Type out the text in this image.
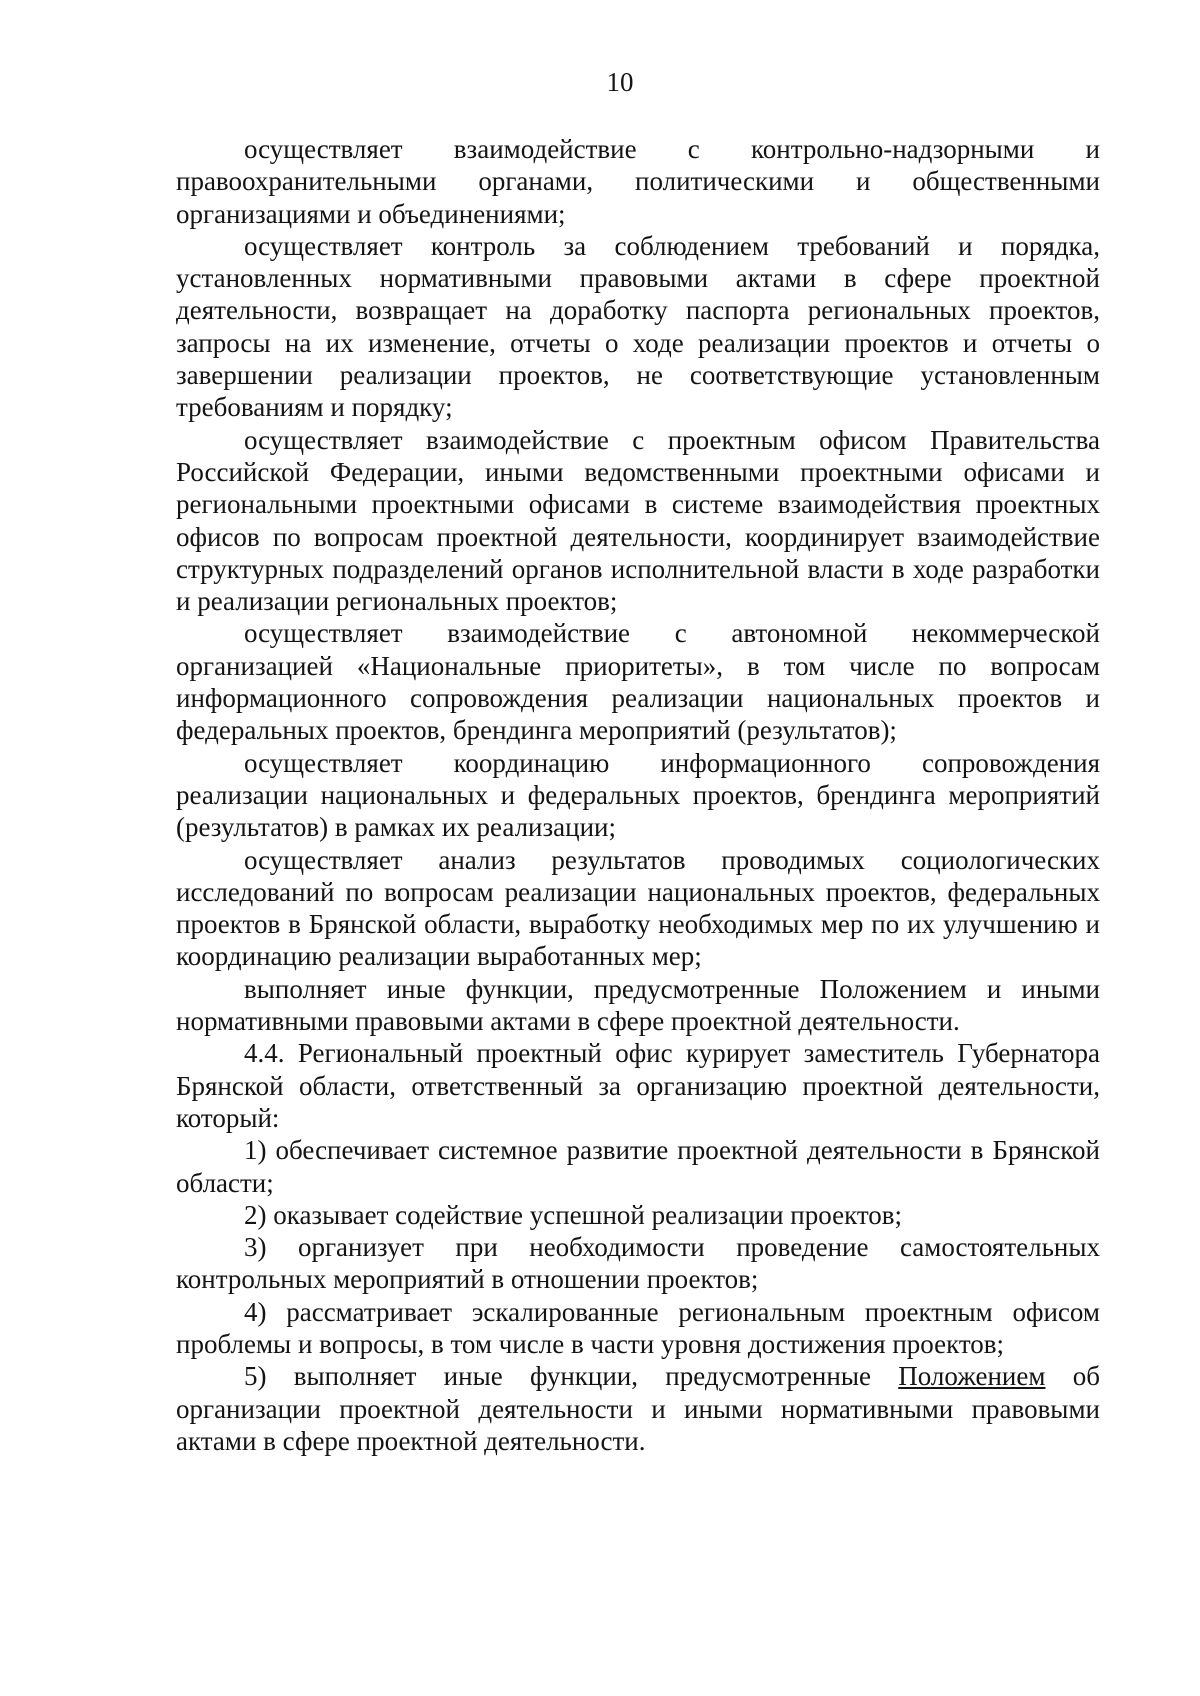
10

осуществляет взаимодействие с контрольно-надзорными и правоохранительными органами, политическими и общественными организациями и объединениями;

осуществляет контроль за соблюдением требований и порядка, установленных нормативными правовыми актами в сфере проектной деятельности, возвращает на доработку паспорта региональных проектов, запросы на их изменение, отчеты о ходе реализации проектов и отчеты о завершении реализации проектов, не соответствующие установленным требованиям и порядку;

осуществляет взаимодействие с проектным офисом Правительства Российской Федерации, иными ведомственными проектными офисами и региональными проектными офисами в системе взаимодействия проектных офисов по вопросам проектной деятельности, координирует взаимодействие структурных подразделений органов исполнительной власти в ходе разработки и реализации региональных проектов;

осуществляет взаимодействие с автономной некоммерческой организацией «Национальные приоритеты», в том числе по вопросам информационного сопровождения реализации национальных проектов и федеральных проектов, брендинга мероприятий (результатов);

осуществляет координацию информационного сопровождения реализации национальных и федеральных проектов, брендинга мероприятий (результатов) в рамках их реализации;

осуществляет анализ результатов проводимых социологических исследований по вопросам реализации национальных проектов, федеральных проектов в Брянской области, выработку необходимых мер по их улучшению и координацию реализации выработанных мер;

выполняет иные функции, предусмотренные Положением и иными нормативными правовыми актами в сфере проектной деятельности.

4.4. Региональный проектный офис курирует заместитель Губернатора Брянской области, ответственный за организацию проектной деятельности, который:

1) обеспечивает системное развитие проектной деятельности в Брянской области;

2) оказывает содействие успешной реализации проектов;

3) организует при необходимости проведение самостоятельных контрольных мероприятий в отношении проектов;

4) рассматривает эскалированные региональным проектным офисом проблемы и вопросы, в том числе в части уровня достижения проектов;

5) выполняет иные функции, предусмотренные Положением об организации проектной деятельности и иными нормативными правовыми актами в сфере проектной деятельности.
